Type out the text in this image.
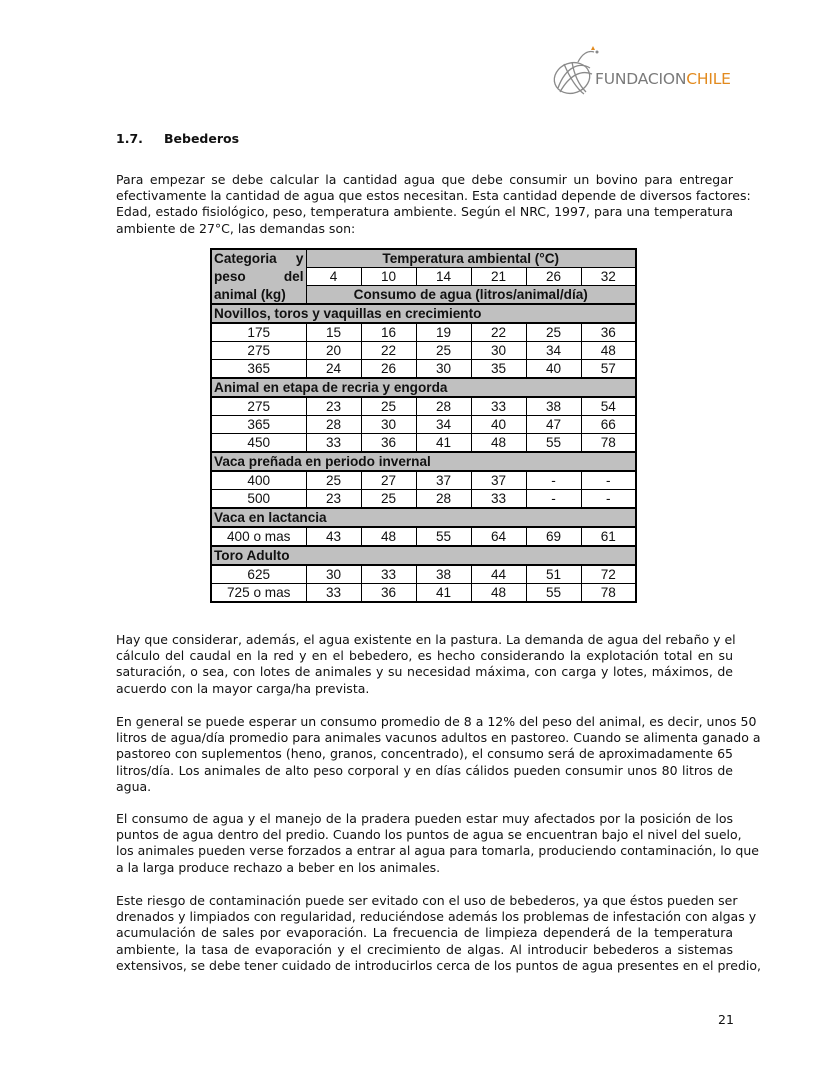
FUNDACIONCHILE
1.7. Bebederos

Para empezar se debe calcular la cantidad agua que debe consumir un bovino para entregar
efectivamente la cantidad de agua que estos necesitan. Esta cantidad depende de diversos factores:
Edad, estado fisiológico, peso, temperatura ambiente. Según el NRC, 1997, para una temperatura
ambiente de 27°C, las demandas son:

Categoria y	Temperatura ambiental (°C)					
peso del	4	10	14	21	26	32
animal (kg)	Consumo de agua (litros/animal/día)					
Novillos, toros y vaquillas en crecimiento						
175	15	16	19	22	25	36
275	20	22	25	30	34	48
365	24	26	30	35	40	57
Animal en etapa de recria y engorda						
275	23	25	28	33	38	54
365	28	30	34	40	47	66
450	33	36	41	48	55	78
Vaca preñada en periodo invernal						
400	25	27	37	37	-	-
500	23	25	28	33	-	-
Vaca en lactancia						
400 o mas	43	48	55	64	69	61
Toro Adulto						
625	30	33	38	44	51	72
725 o mas	33	36	41	48	55	78

Hay que considerar, además, el agua existente en la pastura. La demanda de agua del rebaño y el
cálculo del caudal en la red y en el bebedero, es hecho considerando la explotación total en su
saturación, o sea, con lotes de animales y su necesidad máxima, con carga y lotes, máximos, de
acuerdo con la mayor carga/ha prevista.

En general se puede esperar un consumo promedio de 8 a 12% del peso del animal, es decir, unos 50
litros de agua/día promedio para animales vacunos adultos en pastoreo. Cuando se alimenta ganado a
pastoreo con suplementos (heno, granos, concentrado), el consumo será de aproximadamente 65
litros/día. Los animales de alto peso corporal y en días cálidos pueden consumir unos 80 litros de
agua.

El consumo de agua y el manejo de la pradera pueden estar muy afectados por la posición de los
puntos de agua dentro del predio. Cuando los puntos de agua se encuentran bajo el nivel del suelo,
los animales pueden verse forzados a entrar al agua para tomarla, produciendo contaminación, lo que
a la larga produce rechazo a beber en los animales.

Este riesgo de contaminación puede ser evitado con el uso de bebederos, ya que éstos pueden ser
drenados y limpiados con regularidad, reduciéndose además los problemas de infestación con algas y
acumulación de sales por evaporación. La frecuencia de limpieza dependerá de la temperatura
ambiente, la tasa de evaporación y el crecimiento de algas. Al introducir bebederos a sistemas
extensivos, se debe tener cuidado de introducirlos cerca de los puntos de agua presentes en el predio,

21
